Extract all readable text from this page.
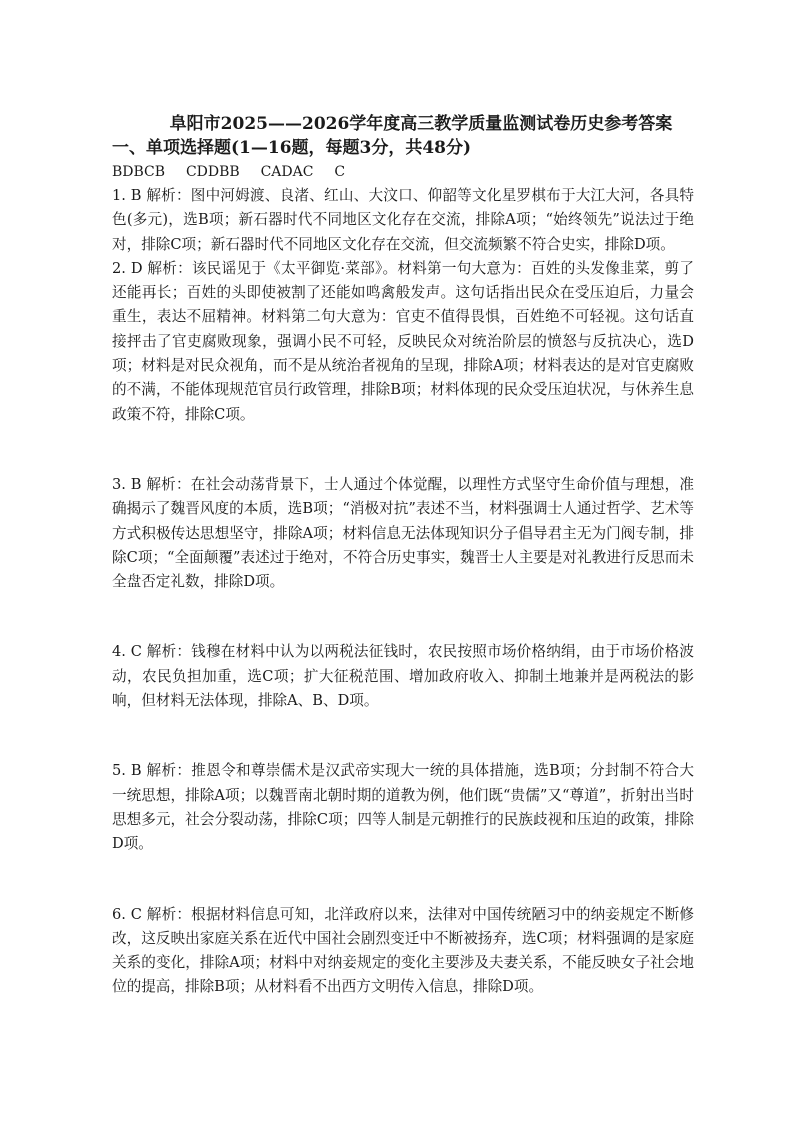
阜阳市2025——2026学年度高三教学质量监测试卷历史参考答案
一、单项选择题(1—16题，每题3分，共48分)
BDBCB  CDDBB  CADAC  C

1. B 解析：图中河姆渡、良渚、红山、大汶口、仰韶等文化星罗棋布于大江大河，各具特色(多元)，选B项；新石器时代不同地区文化存在交流，排除A项；“始终领先”说法过于绝对，排除C项；新石器时代不同地区文化存在交流，但交流频繁不符合史实，排除D项。

2. D 解析：该民谣见于《太平御览·菜部》。材料第一句大意为：百姓的头发像韭菜，剪了还能再长；百姓的头即使被割了还能如鸣禽般发声。这句话指出民众在受压迫后，力量会重生，表达不屈精神。材料第二句大意为：官吏不值得畏惧，百姓绝不可轻视。这句话直接抨击了官吏腐败现象，强调小民不可轻，反映民众对统治阶层的愤怒与反抗决心，选D项；材料是对民众视角，而不是从统治者视角的呈现，排除A项；材料表达的是对官吏腐败的不满，不能体现规范官员行政管理，排除B项；材料体现的民众受压迫状况，与休养生息政策不符，排除C项。

3. B 解析：在社会动荡背景下，士人通过个体觉醒，以理性方式坚守生命价值与理想，准确揭示了魏晋风度的本质，选B项；“消极对抗”表述不当，材料强调士人通过哲学、艺术等方式积极传达思想坚守，排除A项；材料信息无法体现知识分子倡导君主无为门阀专制，排除C项；“全面颠覆”表述过于绝对，不符合历史事实，魏晋士人主要是对礼教进行反思而未全盘否定礼数，排除D项。

4. C 解析：钱穆在材料中认为以两税法征钱时，农民按照市场价格纳绢，由于市场价格波动，农民负担加重，选C项；扩大征税范围、增加政府收入、抑制土地兼并是两税法的影响，但材料无法体现，排除A、B、D项。

5. B 解析：推恩令和尊崇儒术是汉武帝实现大一统的具体措施，选B项；分封制不符合大一统思想，排除A项；以魏晋南北朝时期的道教为例，他们既“贵儒”又“尊道”，折射出当时思想多元，社会分裂动荡，排除C项；四等人制是元朝推行的民族歧视和压迫的政策，排除D项。

6. C 解析：根据材料信息可知，北洋政府以来，法律对中国传统陋习中的纳妾规定不断修改，这反映出家庭关系在近代中国社会剧烈变迁中不断被扬弃，选C项；材料强调的是家庭关系的变化，排除A项；材料中对纳妾规定的变化主要涉及夫妻关系，不能反映女子社会地位的提高，排除B项；从材料看不出西方文明传入信息，排除D项。
